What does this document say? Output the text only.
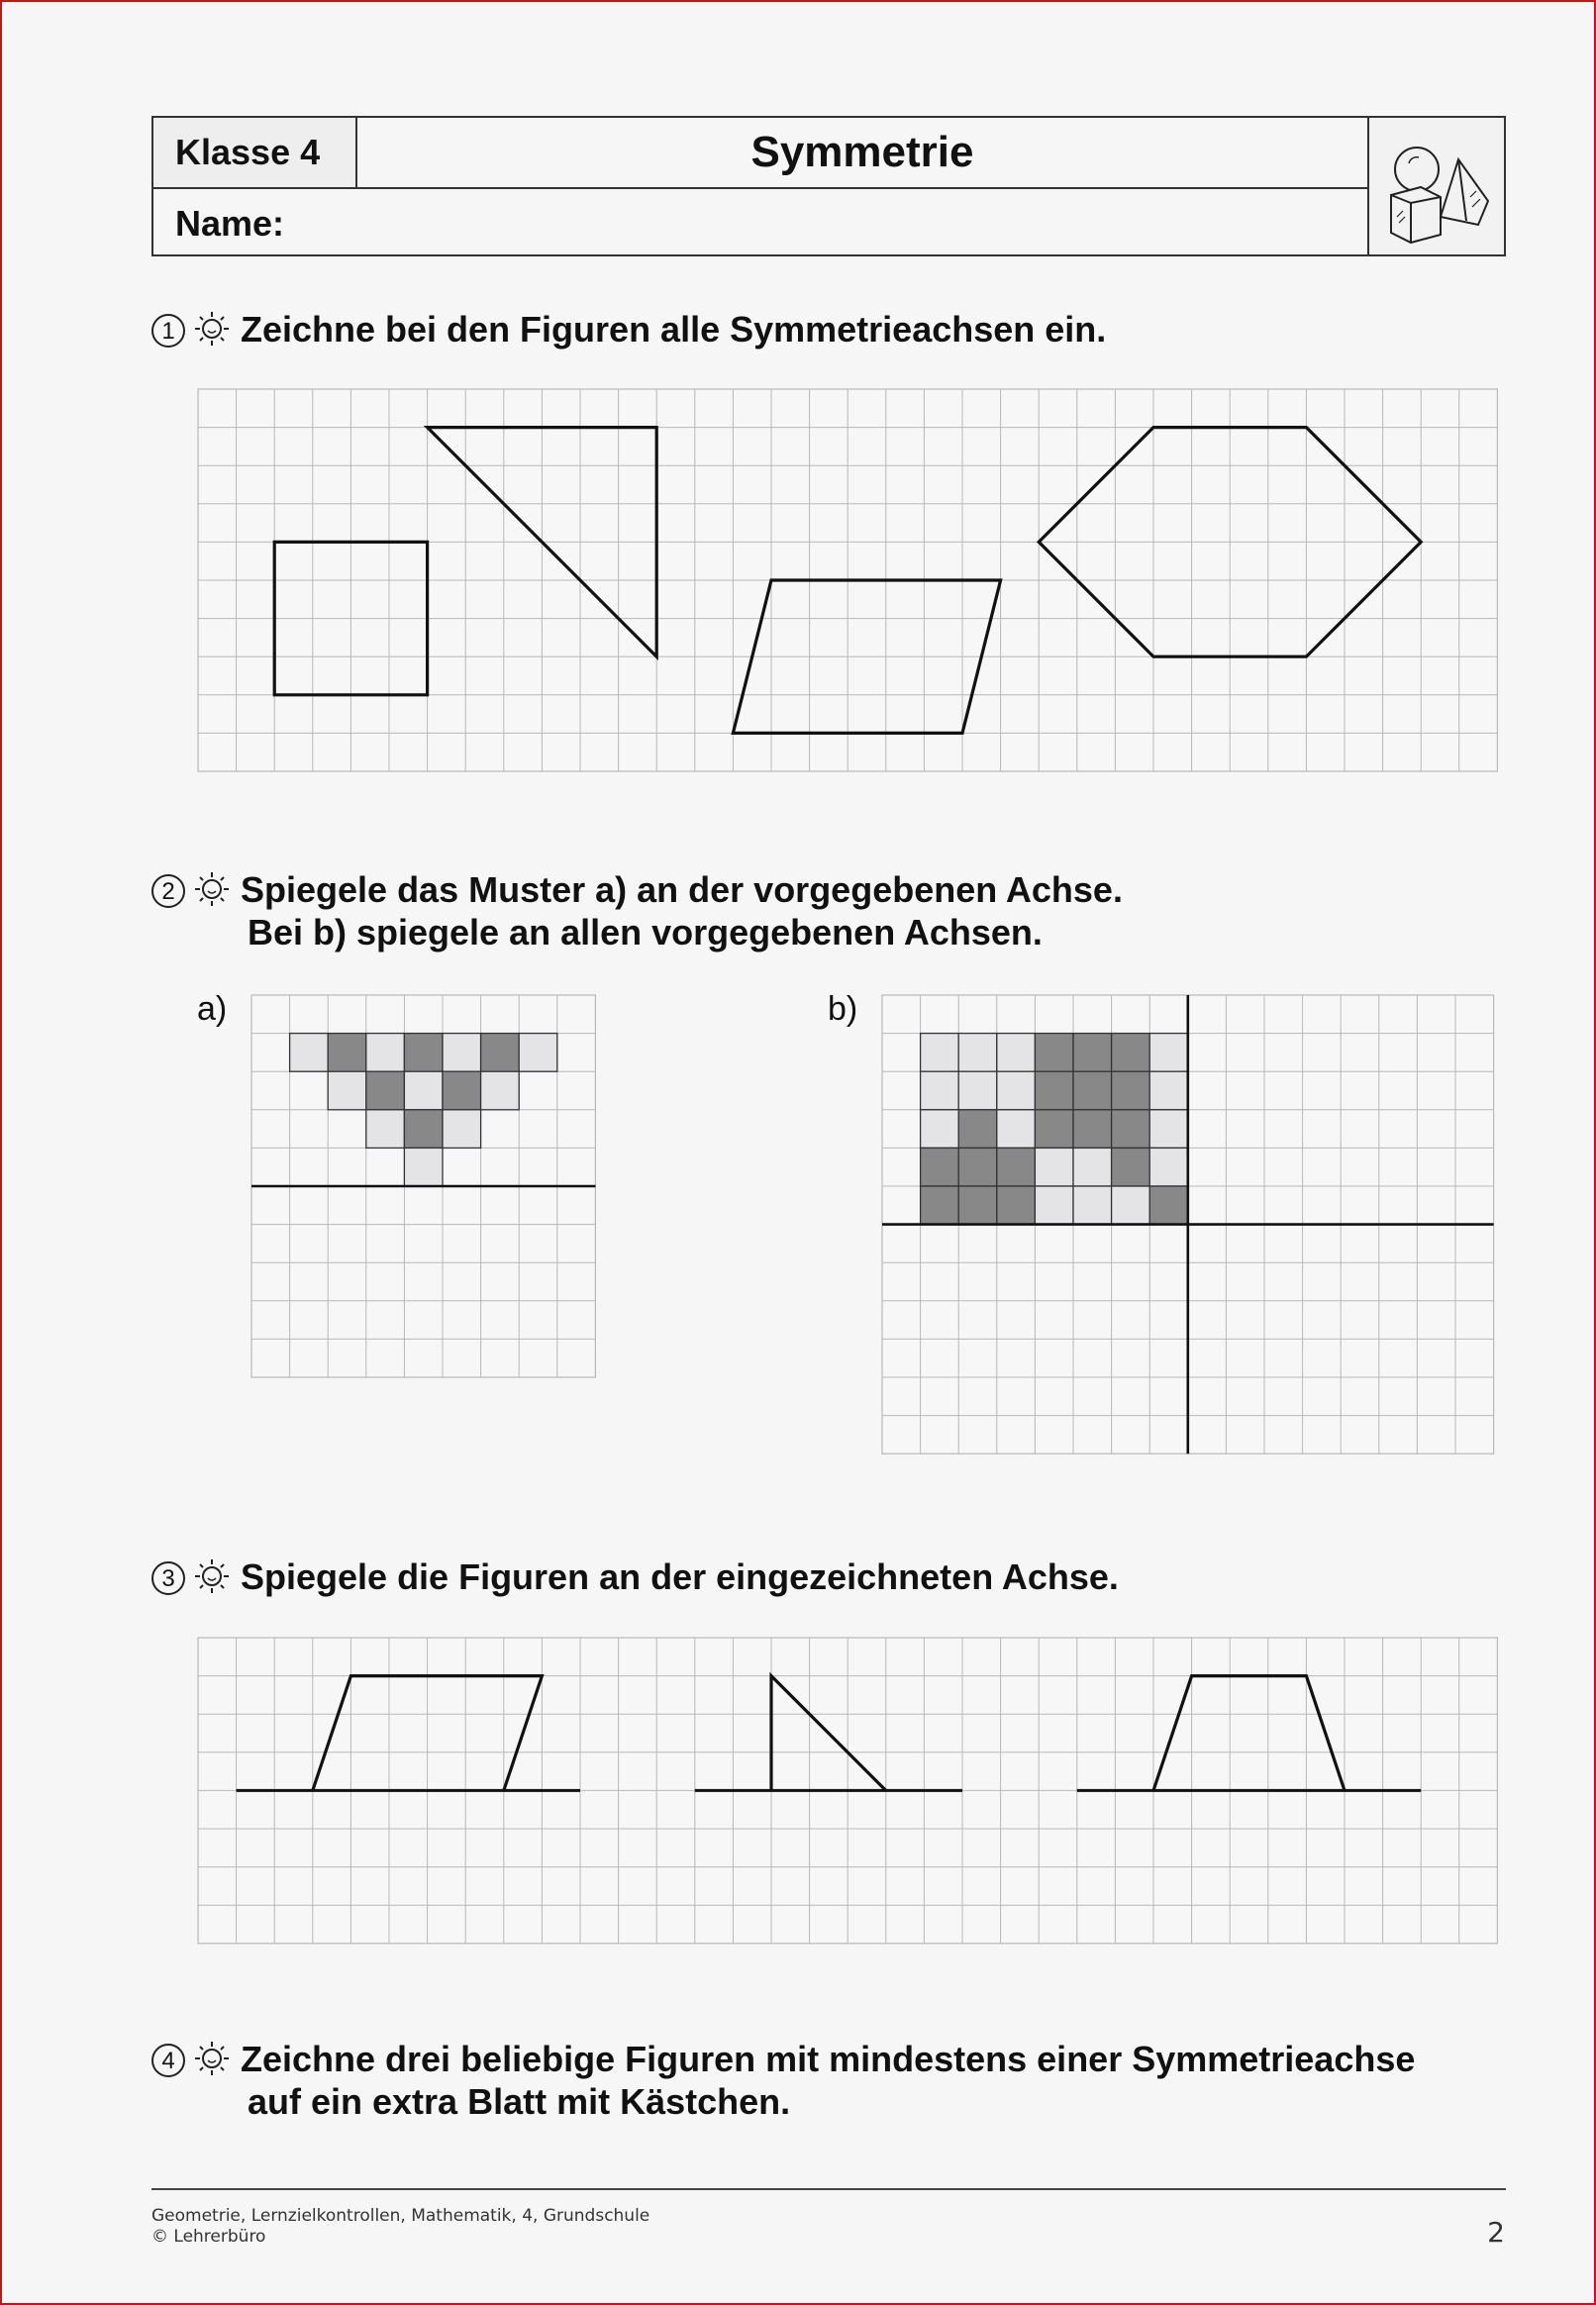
Klasse 4	Symmetrie
Name:
1 Zeichne bei den Figuren alle Symmetrieachsen ein.
2 Spiegele das Muster a) an der vorgegebenen Achse.
Bei b) spiegele an allen vorgegebenen Achsen.
3 Spiegele die Figuren an der eingezeichneten Achse.
4 Zeichne drei beliebige Figuren mit mindestens einer Symmetrieachse
auf ein extra Blatt mit Kästchen.
a)	b)
Geometrie, Lernzielkontrollen, Mathematik, 4, Grundschule
© Lehrerbüro	2
